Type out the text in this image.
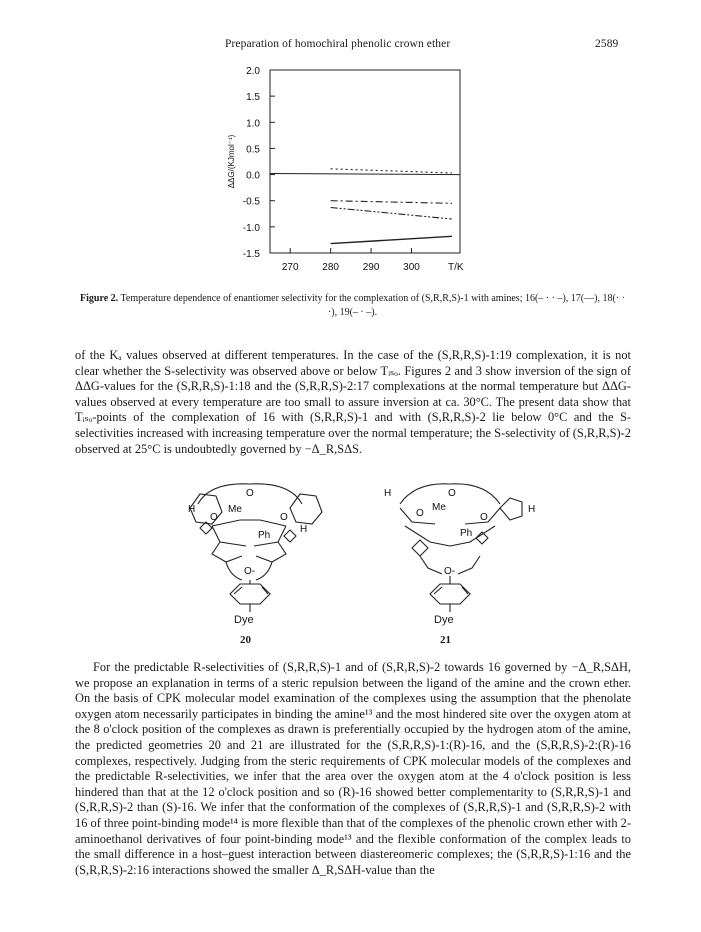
Preparation of homochiral phenolic crown ether	2589
2.0
1.5
1.0
0.5
0.0
-0.5
-1.0
-1.5
270 280 290 300	T/K
ΔΔG/(KJmol⁻¹)
Figure 2. Temperature dependence of enantiomer selectivity for the complexation of (S,R,R,S)-1 with amines; 16(– · · –), 17(—), 18(· · ·), 19(– · –).

of the Kₐ values observed at different temperatures. In the case of the (S,R,R,S)-1:19 complexation, it is not clear whether the S-selectivity was observed above or below Tᵢₛₒ. Figures 2 and 3 show inversion of the sign of ΔΔG-values for the (S,R,R,S)-1:18 and the (S,R,R,S)-2:17 complexations at the normal temperature but ΔΔG-values observed at every temperature are too small to assure inversion at ca. 30°C. The present data show that Tᵢₛₒ-points of the complexation of 16 with (S,R,R,S)-1 and with (S,R,R,S)-2 lie below 0°C and the S-selectivities increased with increasing temperature over the normal temperature; the S-selectivity of (S,R,R,S)-2 observed at 25°C is undoubtedly governed by −Δ_R,SΔS.

O
O	O
Me
Ph
O-
H
H
O
O	O
Me
Ph
O-
H
H
Dye	Dye
20	21

For the predictable R-selectivities of (S,R,R,S)-1 and of (S,R,R,S)-2 towards 16 governed by −Δ_R,SΔH, we propose an explanation in terms of a steric repulsion between the ligand of the amine and the crown ether. On the basis of CPK molecular model examination of the complexes using the assumption that the phenolate oxygen atom necessarily participates in binding the amine¹³ and the most hindered site over the oxygen atom at the 8 o'clock position of the complexes as drawn is preferentially occupied by the hydrogen atom of the amine, the predicted geometries 20 and 21 are illustrated for the (S,R,R,S)-1:(R)-16, and the (S,R,R,S)-2:(R)-16 complexes, respectively. Judging from the steric requirements of CPK molecular models of the complexes and the predictable R-selectivities, we infer that the area over the oxygen atom at the 4 o'clock position is less hindered than that at the 12 o'clock position and so (R)-16 showed better complementarity to (S,R,R,S)-1 and (S,R,R,S)-2 than (S)-16. We infer that the conformation of the complexes of (S,R,R,S)-1 and (S,R,R,S)-2 with 16 of three point-binding mode¹⁴ is more flexible than that of the complexes of the phenolic crown ether with 2-aminoethanol derivatives of four point-binding mode¹³ and the flexible conformation of the complex leads to the small difference in a host–guest interaction between diastereomeric complexes; the (S,R,R,S)-1:16 and the (S,R,R,S)-2:16 interactions showed the smaller Δ_R,SΔH-value than the
